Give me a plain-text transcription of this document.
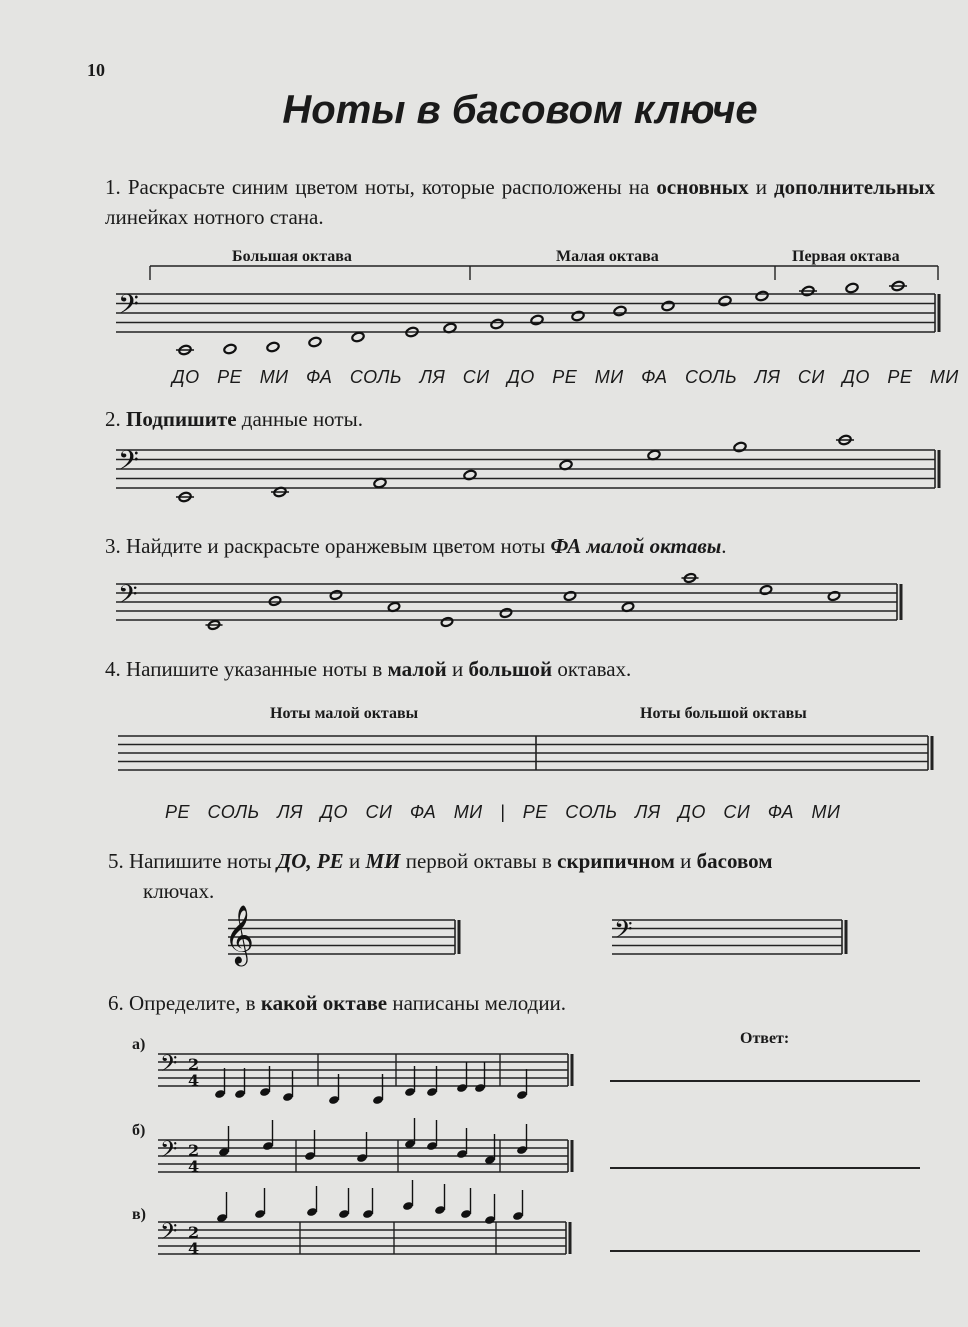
10
Ноты в басовом ключе
1. Раскрасьте синим цветом ноты, которые расположены на основных и дополнительных линейках нотного стана.
Большая октава	Малая октава	Первая октава
ДО РЕ МИ ФА СОЛЬ ЛЯ СИ ДО РЕ МИ ФА СОЛЬ ЛЯ СИ ДО РЕ МИ
2. Подпишите данные ноты.
3. Найдите и раскрасьте оранжевым цветом ноты ФА малой октавы.
4. Напишите указанные ноты в малой и большой октавах.
Ноты малой октавы	Ноты большой октавы
РЕ СОЛЬ ЛЯ ДО СИ ФА МИ | РЕ СОЛЬ ЛЯ ДО СИ ФА МИ
5. Напишите ноты ДО, РЕ и МИ первой октавы в скрипичном и басовом
ключах.
6. Определите, в какой октаве написаны мелодии.
Ответ:
а)
б)
в)
𝄢
𝄢
𝄢
𝄞	𝄢
𝄢 2
4
𝄢 2
4
𝄢 2
4
